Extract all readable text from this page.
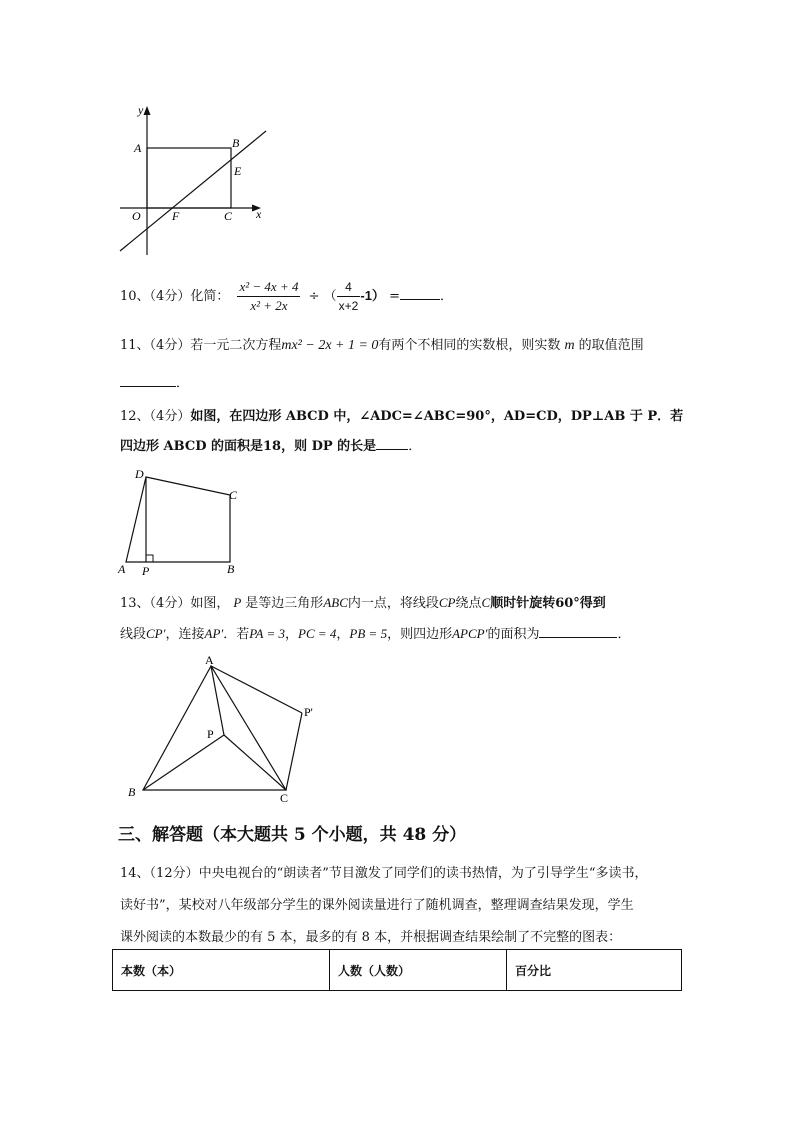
y
A	B
E
O	F	C x
10、（4分）化简： $\frac{\text{x² − 4x + 4}}{\text{x² + 2x}}$ ÷ （ $\frac{4}{x+2} -1$） =	．
11、（4分）若一元二次方程mx² − 2x + 1 = 0有两个不相同的实数根，则实数 m 的取值范围
．
12、（4分）如图，在四边形 ABCD 中，∠ADC=∠ABC=90°，AD=CD，DP⊥AB 于 P．若
四边形 ABCD 的面积是18，则 DP 的长是 ．
D
C
A P	B
13、（4分）如图， P 是等边三角形ABC内一点，将线段CP绕点C顺时针旋转60°得到
线段CP′，连接AP′．若PA = 3，PC = 4，PB = 5，则四边形APCP′的面积为	．
A
P'
P
B	C
三、解答题（本大题共 5 个小题，共 48 分）
14、（12分）中央电视台的“朗读者”节目激发了同学们的读书热情，为了引导学生“多读书，
读好书”，某校对八年级部分学生的课外阅读量进行了随机调查，整理调查结果发现，学生
课外阅读的本数最少的有 5 本，最多的有 8 本，并根据调查结果绘制了不完整的图表：
本数（本）	人数（人数）	百分比
